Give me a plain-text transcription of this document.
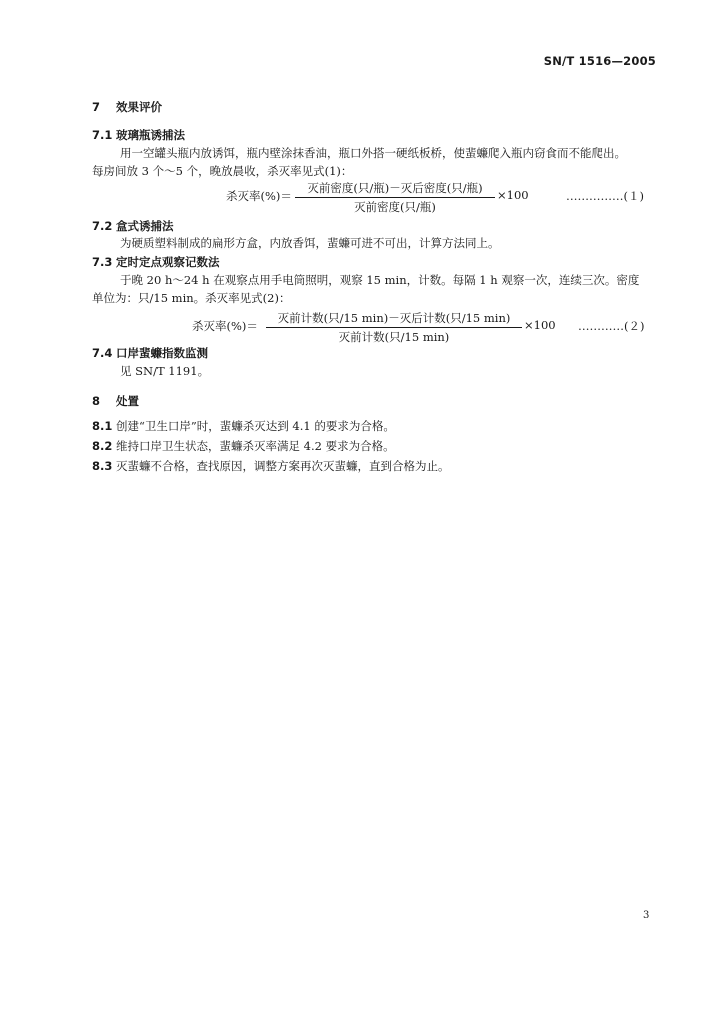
SN/T 1516—2005
7 效果评价
7.1 玻璃瓶诱捕法
用一空罐头瓶内放诱饵，瓶内壁涂抹香油，瓶口外搭一硬纸板桥，使蜚蠊爬入瓶内窃食而不能爬出。
每房间放 3 个～5 个，晚放晨收，杀灭率见式(1)：
杀灭率(%)＝
灭前密度(只/瓶)－灭后密度(只/瓶)
灭前密度(只/瓶)
×100	……………(１)
7.2 盒式诱捕法
为硬质塑料制成的扁形方盒，内放香饵，蜚蠊可进不可出，计算方法同上。
7.3 定时定点观察记数法
于晚 20 h～24 h 在观察点用手电筒照明，观察 15 min，计数。每隔 1 h 观察一次，连续三次。密度
单位为：只/15 min。杀灭率见式(2)：
杀灭率(%)＝
灭前计数(只/15 min)－灭后计数(只/15 min)
灭前计数(只/15 min)
×100 …………(２)
7.4 口岸蜚蠊指数监测
见 SN/T 1191。
8 处置
8.1 创建“卫生口岸”时，蜚蠊杀灭达到 4.1 的要求为合格。
8.2 维持口岸卫生状态，蜚蠊杀灭率满足 4.2 要求为合格。
8.3 灭蜚蠊不合格，查找原因，调整方案再次灭蜚蠊，直到合格为止。
3
